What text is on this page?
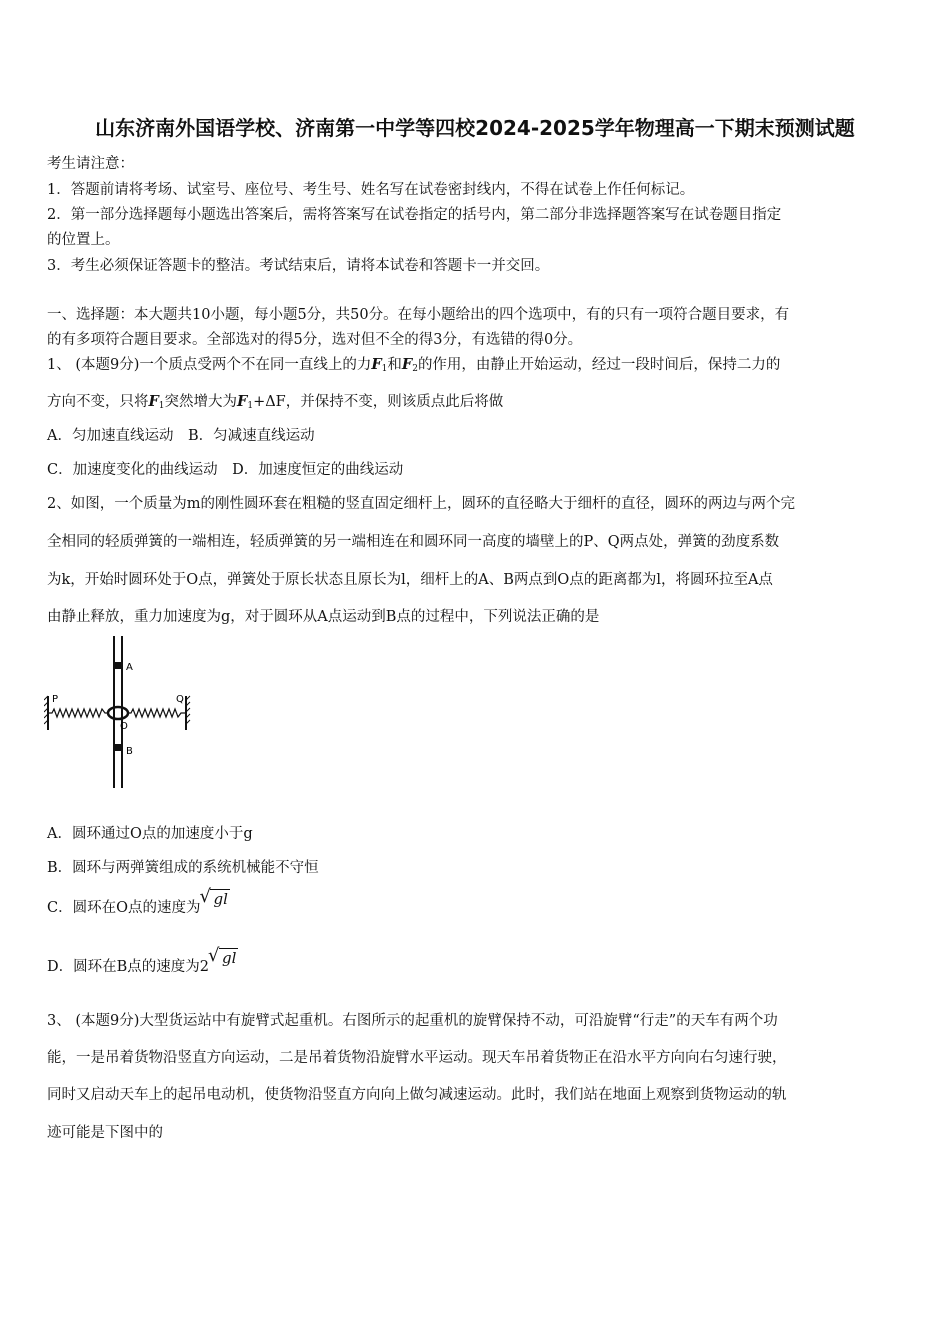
山东济南外国语学校、济南第一中学等四校2024-2025学年物理高一下期末预测试题
考生请注意：
1．答题前请将考场、试室号、座位号、考生号、姓名写在试卷密封线内，不得在试卷上作任何标记。
2．第一部分选择题每小题选出答案后，需将答案写在试卷指定的括号内，第二部分非选择题答案写在试卷题目指定
的位置上。
3．考生必须保证答题卡的整洁。考试结束后，请将本试卷和答题卡一并交回。
一、选择题：本大题共10小题，每小题5分，共50分。在每小题给出的四个选项中，有的只有一项符合题目要求，有
的有多项符合题目要求。全部选对的得5分，选对但不全的得3分，有选错的得0分。
1、 (本题9分)一个质点受两个不在同一直线上的力$F_1$和$F_2$的作用，由静止开始运动，经过一段时间后，保持二力的
方向不变，只将$F_1$突然增大为$F_1+\Delta F$，并保持不变，则该质点此后将做
A．匀加速直线运动　B．匀减速直线运动
C．加速度变化的曲线运动　D．加速度恒定的曲线运动
2、如图，一个质量为m的刚性圆环套在粗糙的竖直固定细杆上，圆环的直径略大于细杆的直径，圆环的两边与两个完
全相同的轻质弹簧的一端相连，轻质弹簧的另一端相连在和圆环同一高度的墙壁上的P、Q两点处，弹簧的劲度系数
为k，开始时圆环处于O点，弹簧处于原长状态且原长为l，细杆上的A、B两点到O点的距离都为l，将圆环拉至A点
由静止释放，重力加速度为g，对于圆环从A点运动到B点的过程中，下列说法正确的是
A
B
P	Q
O
A．圆环通过O点的加速度小于g
B．圆环与两弹簧组成的系统机械能不守恒
C．圆环在O点的速度为 √ gl
D．圆环在B点的速度为2 √ gl
3、 (本题9分)大型货运站中有旋臂式起重机。右图所示的起重机的旋臂保持不动，可沿旋臂“行走”的天车有两个功
能，一是吊着货物沿竖直方向运动，二是吊着货物沿旋臂水平运动。现天车吊着货物正在沿水平方向向右匀速行驶，
同时又启动天车上的起吊电动机，使货物沿竖直方向向上做匀减速运动。此时，我们站在地面上观察到货物运动的轨
迹可能是下图中的
